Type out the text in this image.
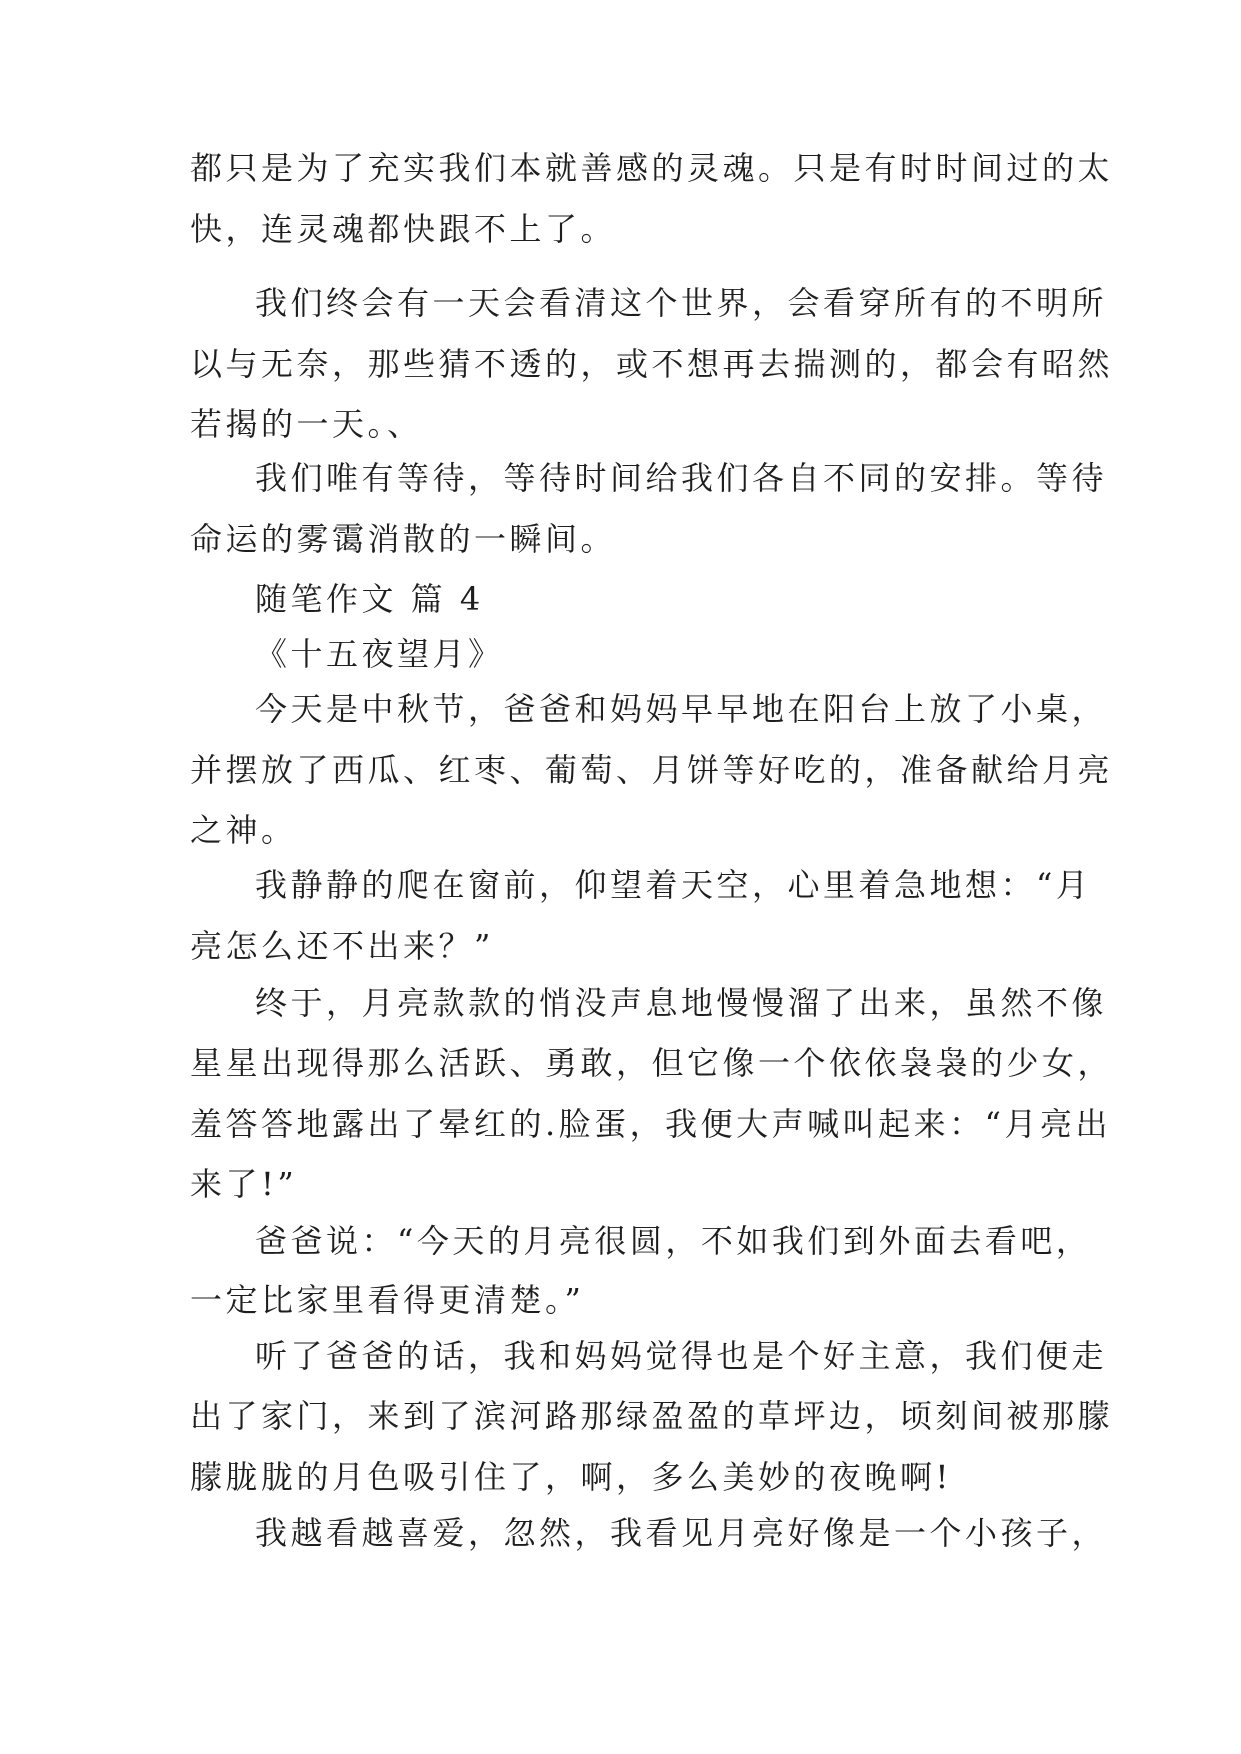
都只是为了充实我们本就善感的灵魂。只是有时时间过的太
快，连灵魂都快跟不上了。
我们终会有一天会看清这个世界，会看穿所有的不明所
以与无奈，那些猜不透的，或不想再去揣测的，都会有昭然
若揭的一天。、
我们唯有等待，等待时间给我们各自不同的安排。等待
命运的雾霭消散的一瞬间。
随笔作文 篇 4
《十五夜望月》
今天是中秋节，爸爸和妈妈早早地在阳台上放了小桌，
并摆放了西瓜、红枣、葡萄、月饼等好吃的，准备献给月亮
之神。
我静静的爬在窗前，仰望着天空，心里着急地想：“月
亮怎么还不出来？”
终于，月亮款款的悄没声息地慢慢溜了出来，虽然不像
星星出现得那么活跃、勇敢，但它像一个依依袅袅的少女，
羞答答地露出了晕红的.脸蛋，我便大声喊叫起来：“月亮出
来了!”
爸爸说：“今天的月亮很圆，不如我们到外面去看吧，
一定比家里看得更清楚。”
听了爸爸的话，我和妈妈觉得也是个好主意，我们便走
出了家门，来到了滨河路那绿盈盈的草坪边，顷刻间被那朦
朦胧胧的月色吸引住了，啊，多么美妙的夜晚啊!
我越看越喜爱，忽然，我看见月亮好像是一个小孩子，
